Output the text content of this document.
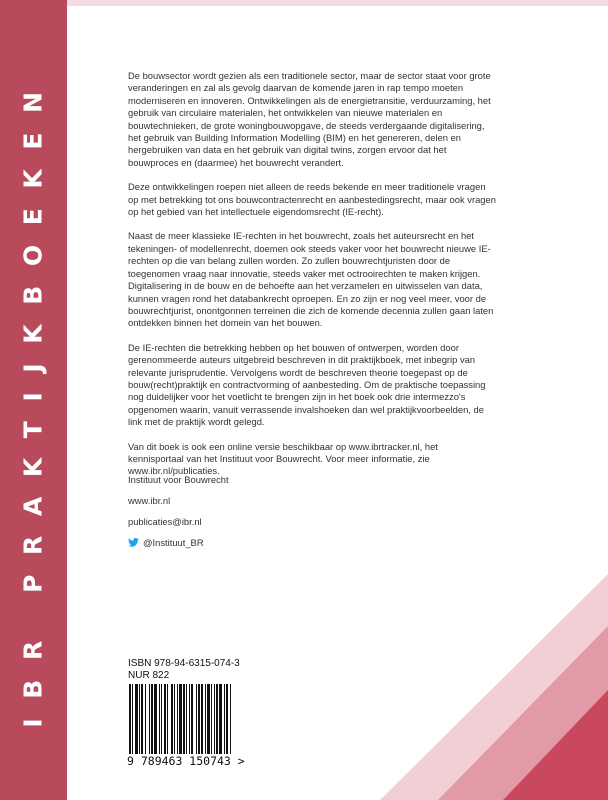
IBR PRAKTIJKBOEKEN	De bouwsector wordt gezien als een traditionele sector, maar de sector staat voor grote veranderingen en zal als gevolg daarvan de komende jaren in rap tempo moeten moderniseren en innoveren. Ontwikkelingen als de energietransitie, verduurzaming, het gebruik van circulaire materialen, het ontwikkelen van nieuwe materialen en bouwtechnieken, de grote woningbouwopgave, de steeds verdergaande digitalisering, het gebruik van Building Information Modelling (BIM) en het genereren, delen en hergebruiken van data en het gebruik van digital twins, zorgen ervoor dat het bouwproces en (daarmee) het bouwrecht verandert.

Deze ontwikkelingen roepen niet alleen de reeds bekende en meer traditionele vragen op met betrekking tot ons bouwcontractenrecht en aanbestedingsrecht, maar ook vragen op het gebied van het intellectuele eigendomsrecht (IE-recht).

Naast de meer klassieke IE-rechten in het bouwrecht, zoals het auteursrecht en het tekeningen- of modellenrecht, doemen ook steeds vaker voor het bouwrecht nieuwe IE-rechten op die van belang zullen worden. Zo zullen bouwrechtjuristen door de toegenomen vraag naar innovatie, steeds vaker met octrooirechten te maken krijgen. Digitalisering in de bouw en de behoefte aan het verzamelen en uitwisselen van data, kunnen vragen rond het databankrecht oproepen. En zo zijn er nog veel meer, voor de bouwrechtjurist, onontgonnen terreinen die zich de komende decennia zullen gaan laten ontdekken binnen het domein van het bouwen.

De IE-rechten die betrekking hebben op het bouwen of ontwerpen, worden door gerenommeerde auteurs uitgebreid beschreven in dit praktijkboek, met inbegrip van relevante jurisprudentie. Vervolgens wordt de beschreven theorie toegepast op de bouw(recht)praktijk en contractvorming of aanbesteding. Om de praktische toepassing nog duidelijker voor het voetlicht te brengen zijn in het boek ook drie intermezzo's opgenomen waarin, vanuit verrassende invalshoeken dan wel praktijkvoorbeelden, de link met de praktijk wordt gelegd.

Van dit boek is ook een online versie beschikbaar op www.ibrtracker.nl, het kennisportaal van het Instituut voor Bouwrecht. Voor meer informatie, zie www.ibr.nl/publicaties.

Instituut voor Bouwrecht
www.ibr.nl
publicaties@ibr.nl
@Instituut_BR
ISBN 978-94-6315-074-3
NUR 822
9 789463 150743 >
